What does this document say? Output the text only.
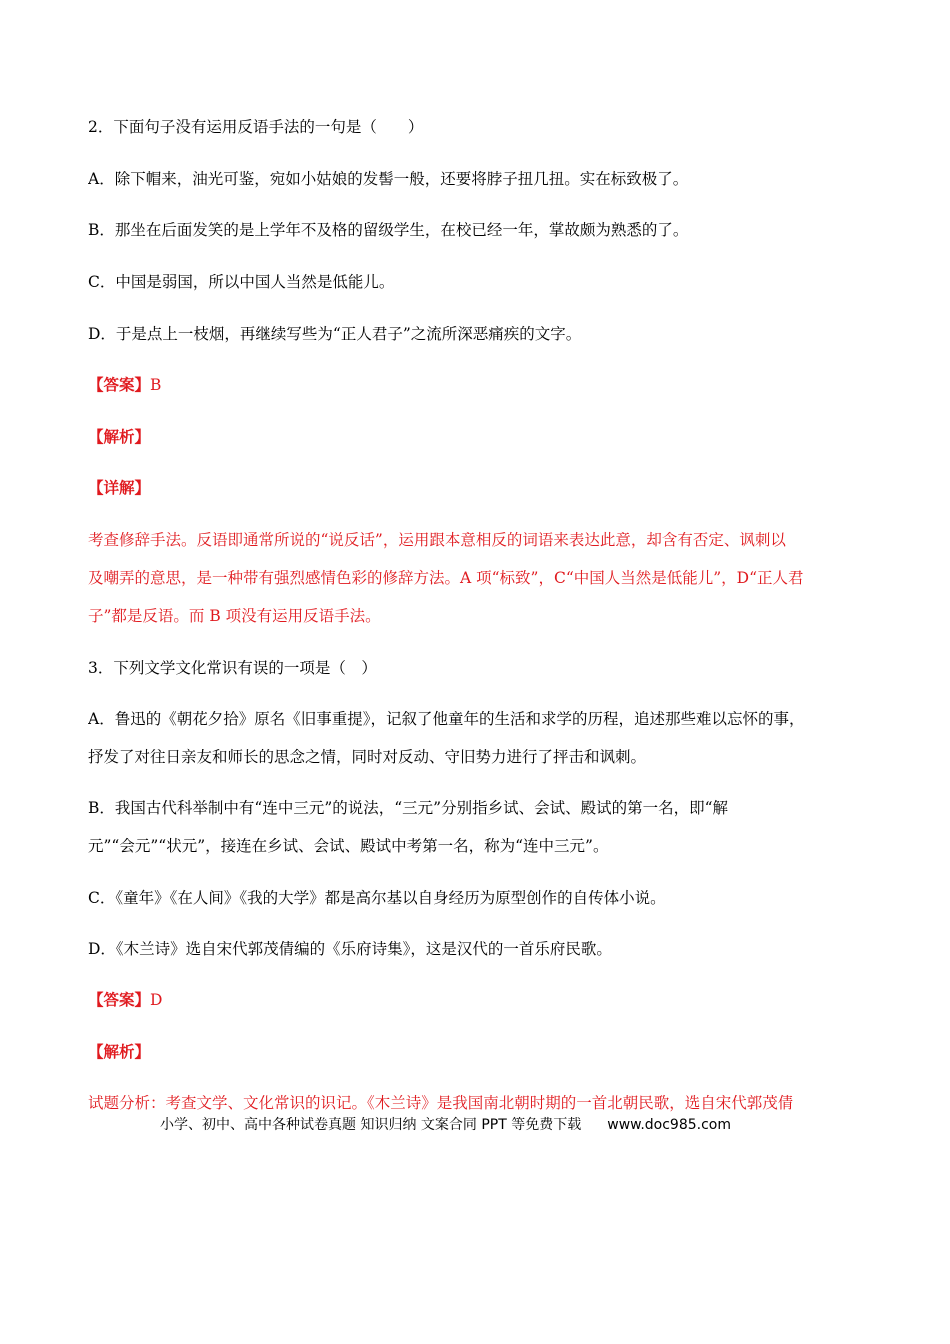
2．下面句子没有运用反语手法的一句是（　　）
A．除下帽来，油光可鉴，宛如小姑娘的发髻一般，还要将脖子扭几扭。实在标致极了。
B．那坐在后面发笑的是上学年不及格的留级学生，在校已经一年，掌故颇为熟悉的了。
C．中国是弱国，所以中国人当然是低能儿。
D．于是点上一枝烟，再继续写些为“正人君子”之流所深恶痛疾的文字。
【答案】B
【解析】
【详解】
考查修辞手法。反语即通常所说的“说反话”，运用跟本意相反的词语来表达此意，却含有否定、讽刺以
及嘲弄的意思，是一种带有强烈感情色彩的修辞方法。A 项“标致”，C“中国人当然是低能儿”，D“正人君
子”都是反语。而 B 项没有运用反语手法。
3．下列文学文化常识有误的一项是（　）
A．鲁迅的《朝花夕拾》原名《旧事重提》，记叙了他童年的生活和求学的历程，追述那些难以忘怀的事，
抒发了对往日亲友和师长的思念之情，同时对反动、守旧势力进行了抨击和讽刺。
B．我国古代科举制中有“连中三元”的说法，“三元”分别指乡试、会试、殿试的第一名，即“解
元”“会元”“状元”，接连在乡试、会试、殿试中考第一名，称为“连中三元”。
C．《童年》《在人间》《我的大学》都是高尔基以自身经历为原型创作的自传体小说。
D．《木兰诗》选自宋代郭茂倩编的《乐府诗集》，这是汉代的一首乐府民歌。
【答案】D
【解析】
试题分析：考查文学、文化常识的识记。《木兰诗》是我国南北朝时期的一首北朝民歌，选自宋代郭茂倩
小学、初中、高中各种试卷真题 知识归纳 文案合同 PPT 等免费下载 www.doc985.com
